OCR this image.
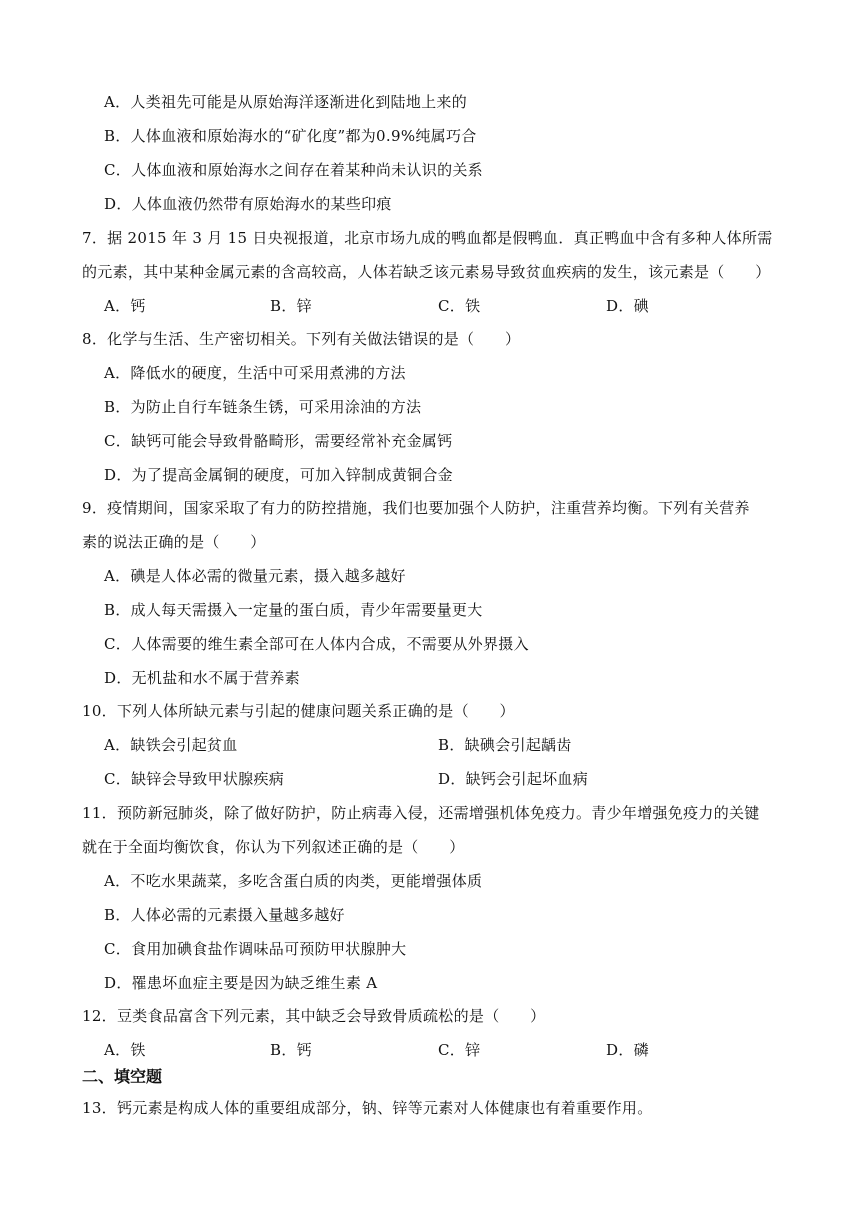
A．人类祖先可能是从原始海洋逐渐进化到陆地上来的
B．人体血液和原始海水的“矿化度”都为0.9%纯属巧合
C．人体血液和原始海水之间存在着某种尚未认识的关系
D．人体血液仍然带有原始海水的某些印痕
7．据 2015 年 3 月 15 日央视报道，北京市场九成的鸭血都是假鸭血．真正鸭血中含有多种人体所需
的元素，其中某种金属元素的含高较高，人体若缺乏该元素易导致贫血疾病的发生，该元素是（　　）
A．钙	B．锌	C．铁	D．碘
8．化学与生活、生产密切相关。下列有关做法错误的是（　　）
A．降低水的硬度，生活中可采用煮沸的方法
B．为防止自行车链条生锈，可采用涂油的方法
C．缺钙可能会导致骨骼畸形，需要经常补充金属钙
D．为了提高金属铜的硬度，可加入锌制成黄铜合金
9．疫情期间，国家采取了有力的防控措施，我们也要加强个人防护，注重营养均衡。下列有关营养
素的说法正确的是（　　）
A．碘是人体必需的微量元素，摄入越多越好
B．成人每天需摄入一定量的蛋白质，青少年需要量更大
C．人体需要的维生素全部可在人体内合成，不需要从外界摄入
D．无机盐和水不属于营养素
10．下列人体所缺元素与引起的健康问题关系正确的是（　　）
A．缺铁会引起贫血	B．缺碘会引起龋齿
C．缺锌会导致甲状腺疾病	D．缺钙会引起坏血病
11．预防新冠肺炎，除了做好防护，防止病毒入侵，还需增强机体免疫力。青少年增强免疫力的关键
就在于全面均衡饮食，你认为下列叙述正确的是（　　）
A．不吃水果蔬菜，多吃含蛋白质的肉类，更能增强体质
B．人体必需的元素摄入量越多越好
C．食用加碘食盐作调味品可预防甲状腺肿大
D．罹患坏血症主要是因为缺乏维生素 A
12．豆类食品富含下列元素，其中缺乏会导致骨质疏松的是（　　）
A．铁	B．钙	C．锌	D．磷
二、填空题
13．钙元素是构成人体的重要组成部分，钠、锌等元素对人体健康也有着重要作用。
